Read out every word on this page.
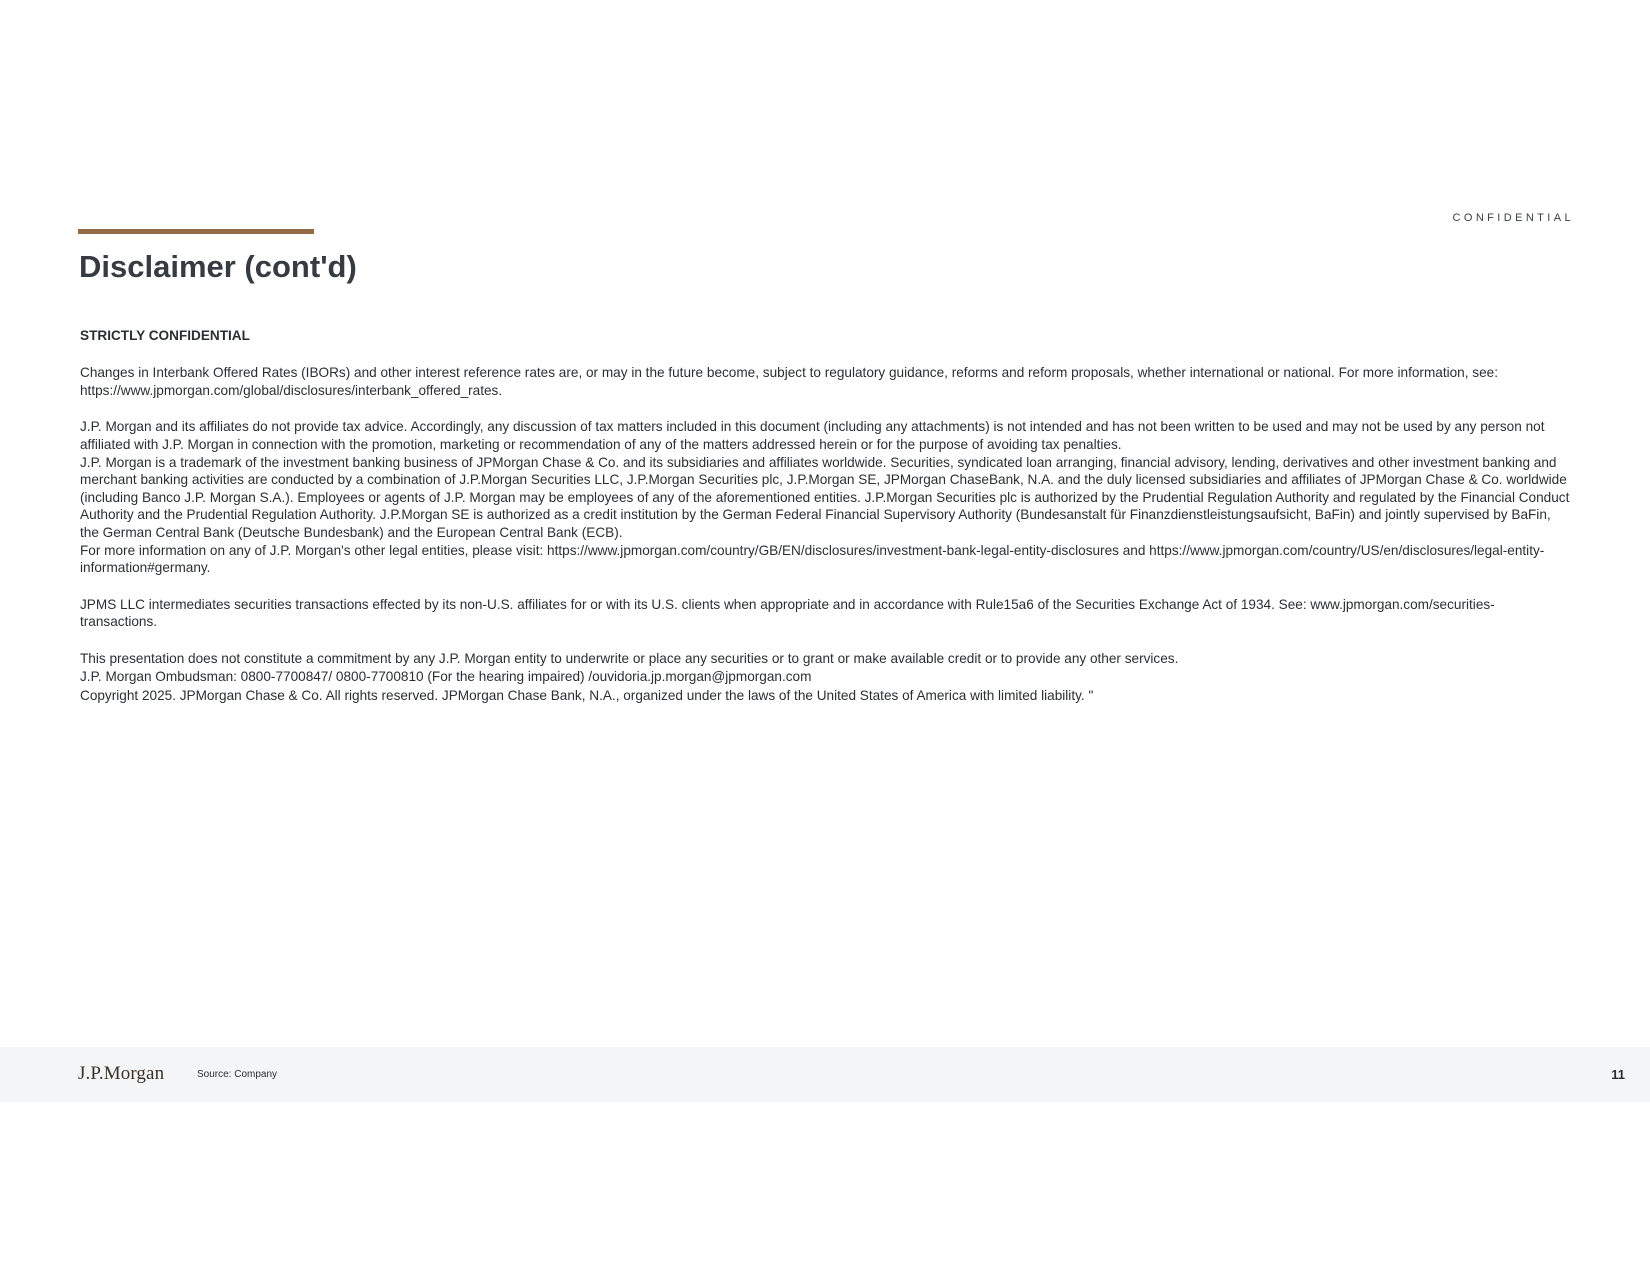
CONFIDENTIAL
Disclaimer (cont'd)

STRICTLY CONFIDENTIAL

Changes in Interbank Offered Rates (IBORs) and other interest reference rates are, or may in the future become, subject to regulatory guidance, reforms and reform proposals, whether international or national. For more information, see: https://www.jpmorgan.com/global/disclosures/interbank_offered_rates.

J.P. Morgan and its affiliates do not provide tax advice. Accordingly, any discussion of tax matters included in this document (including any attachments) is not intended and has not been written to be used and may not be used by any person not affiliated with J.P. Morgan in connection with the promotion, marketing or recommendation of any of the matters addressed herein or for the purpose of avoiding tax penalties.

J.P. Morgan is a trademark of the investment banking business of JPMorgan Chase & Co. and its subsidiaries and affiliates worldwide. Securities, syndicated loan arranging, financial advisory, lending, derivatives and other investment banking and merchant banking activities are conducted by a combination of J.P.Morgan Securities LLC, J.P.Morgan Securities plc, J.P.Morgan SE, JPMorgan ChaseBank, N.A. and the duly licensed subsidiaries and affiliates of JPMorgan Chase & Co. worldwide (including Banco J.P. Morgan S.A.). Employees or agents of J.P. Morgan may be employees of any of the aforementioned entities. J.P.Morgan Securities plc is authorized by the Prudential Regulation Authority and regulated by the Financial Conduct Authority and the Prudential Regulation Authority. J.P.Morgan SE is authorized as a credit institution by the German Federal Financial Supervisory Authority (Bundesanstalt für Finanzdienstleistungsaufsicht, BaFin) and jointly supervised by BaFin, the German Central Bank (Deutsche Bundesbank) and the European Central Bank (ECB).

For more information on any of J.P. Morgan's other legal entities, please visit: https://www.jpmorgan.com/country/GB/EN/disclosures/investment-bank-legal-entity-disclosures and https://www.jpmorgan.com/country/US/en/disclosures/legal-entity-information#germany.

JPMS LLC intermediates securities transactions effected by its non-U.S. affiliates for or with its U.S. clients when appropriate and in accordance with Rule15a6 of the Securities Exchange Act of 1934. See: www.jpmorgan.com/securities-transactions.

This presentation does not constitute a commitment by any J.P. Morgan entity to underwrite or place any securities or to grant or make available credit or to provide any other services.

J.P. Morgan Ombudsman: 0800-7700847/ 0800-7700810 (For the hearing impaired) /ouvidoria.jp.morgan@jpmorgan.com

Copyright 2025. JPMorgan Chase & Co. All rights reserved. JPMorgan Chase Bank, N.A., organized under the laws of the United States of America with limited liability. "

J.P.Morgan	Source: Company	11
